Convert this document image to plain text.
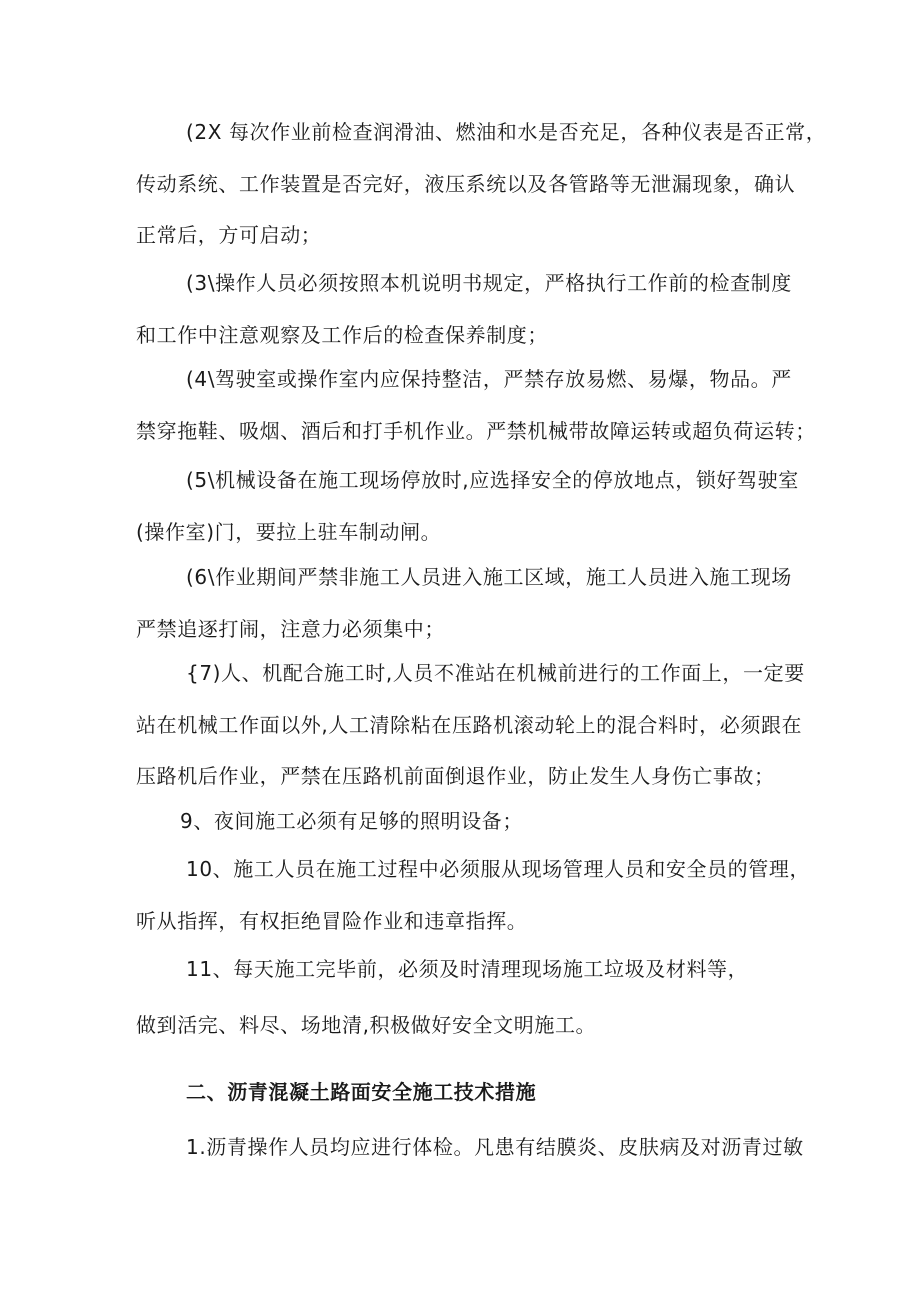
(2X 每次作业前检查润滑油、燃油和水是否充足，各种仪表是否正常，
传动系统、工作装置是否完好，液压系统以及各管路等无泄漏现象，确认
正常后，方可启动；

(3\操作人员必须按照本机说明书规定，严格执行工作前的检查制度
和工作中注意观察及工作后的检查保养制度；

(4\驾驶室或操作室内应保持整洁，严禁存放易燃、易爆，物品。严
禁穿拖鞋、吸烟、酒后和打手机作业。严禁机械带故障运转或超负荷运转；

(5\机械设备在施工现场停放时,应选择安全的停放地点，锁好驾驶室
(操作室)门，要拉上驻车制动闸。

(6\作业期间严禁非施工人员进入施工区域，施工人员进入施工现场
严禁追逐打闹，注意力必须集中；

{7)人、机配合施工时,人员不准站在机械前进行的工作面上，一定要
站在机械工作面以外,人工清除粘在压路机滚动轮上的混合料时，必须跟在
压路机后作业，严禁在压路机前面倒退作业，防止发生人身伤亡事故；

9、夜间施工必须有足够的照明设备；

10、施工人员在施工过程中必须服从现场管理人员和安全员的管理，
听从指挥，有权拒绝冒险作业和违章指挥。

11、每天施工完毕前，必须及时清理现场施工垃圾及材料等，

做到活完、料尽、场地清,积极做好安全文明施工。

二、沥青混凝土路面安全施工技术措施

1.沥青操作人员均应进行体检。凡患有结膜炎、皮肤病及对沥青过敏
